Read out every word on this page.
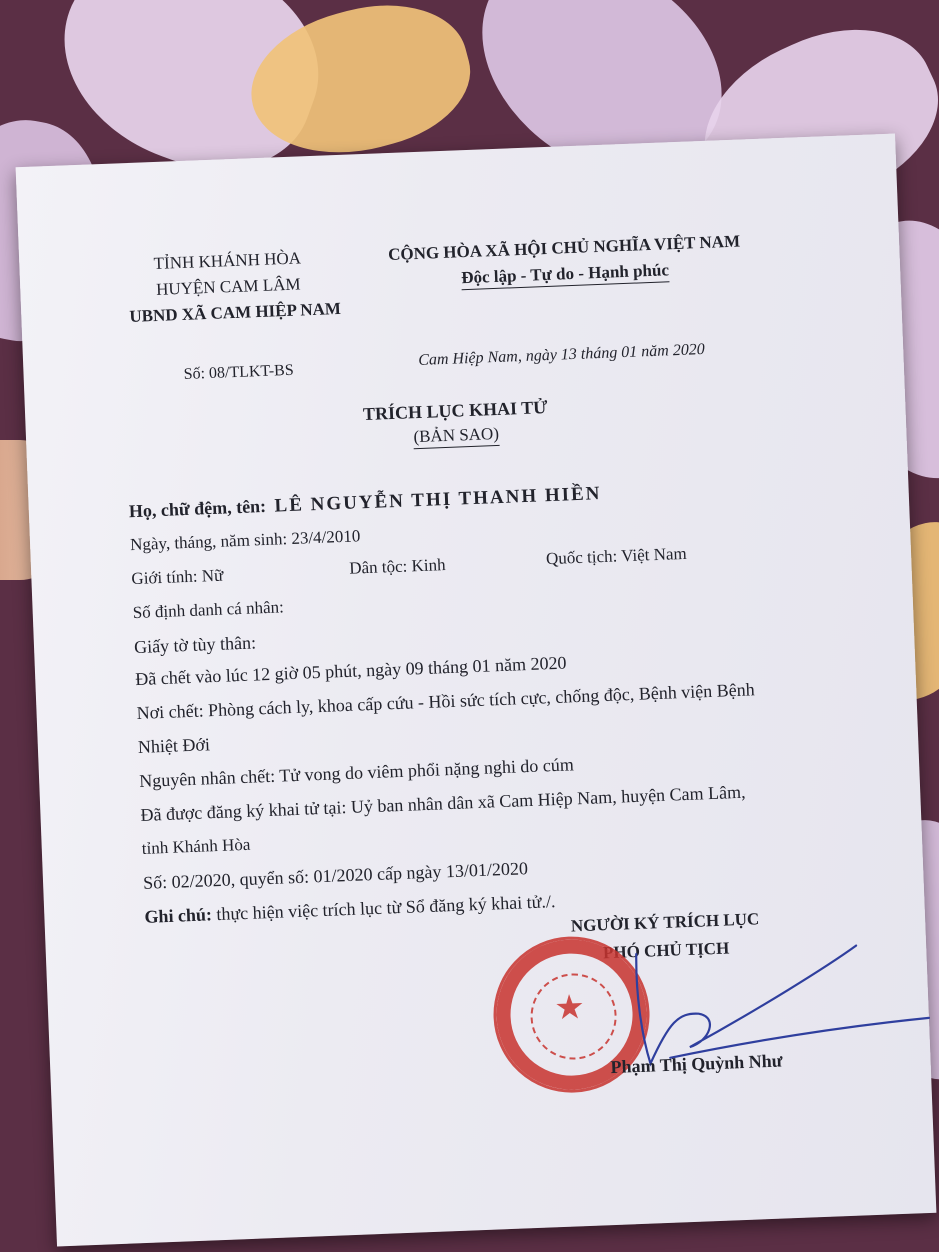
TỈNH KHÁNH HÒA
HUYỆN CAM LÂM
UBND XÃ CAM HIỆP NAM
Số: 08/TLKT-BS
CỘNG HÒA XÃ HỘI CHỦ NGHĨA VIỆT NAM
Độc lập - Tự do - Hạnh phúc
Cam Hiệp Nam, ngày 13 tháng 01 năm 2020
TRÍCH LỤC KHAI TỬ
(BẢN SAO)
Họ, chữ đệm, tên: LÊ NGUYỄN THỊ THANH HIỀN
Ngày, tháng, năm sinh: 23/4/2010
Giới tính: Nữ	Dân tộc: Kinh	Quốc tịch: Việt Nam
Số định danh cá nhân:
Giấy tờ tùy thân:
Đã chết vào lúc 12 giờ 05 phút, ngày 09 tháng 01 năm 2020
Nơi chết: Phòng cách ly, khoa cấp cứu - Hồi sức tích cực, chống độc, Bệnh viện Bệnh
Nhiệt Đới
Nguyên nhân chết: Tử vong do viêm phổi nặng nghi do cúm
Đã được đăng ký khai tử tại: Uỷ ban nhân dân xã Cam Hiệp Nam, huyện Cam Lâm,
tỉnh Khánh Hòa
Số: 02/2020, quyển số: 01/2020 cấp ngày 13/01/2020
Ghi chú: thực hiện việc trích lục từ Sổ đăng ký khai tử./. NGƯỜI KÝ TRÍCH LỤC
PHÓ CHỦ TỊCH
★
Phạm Thị Quỳnh Như
